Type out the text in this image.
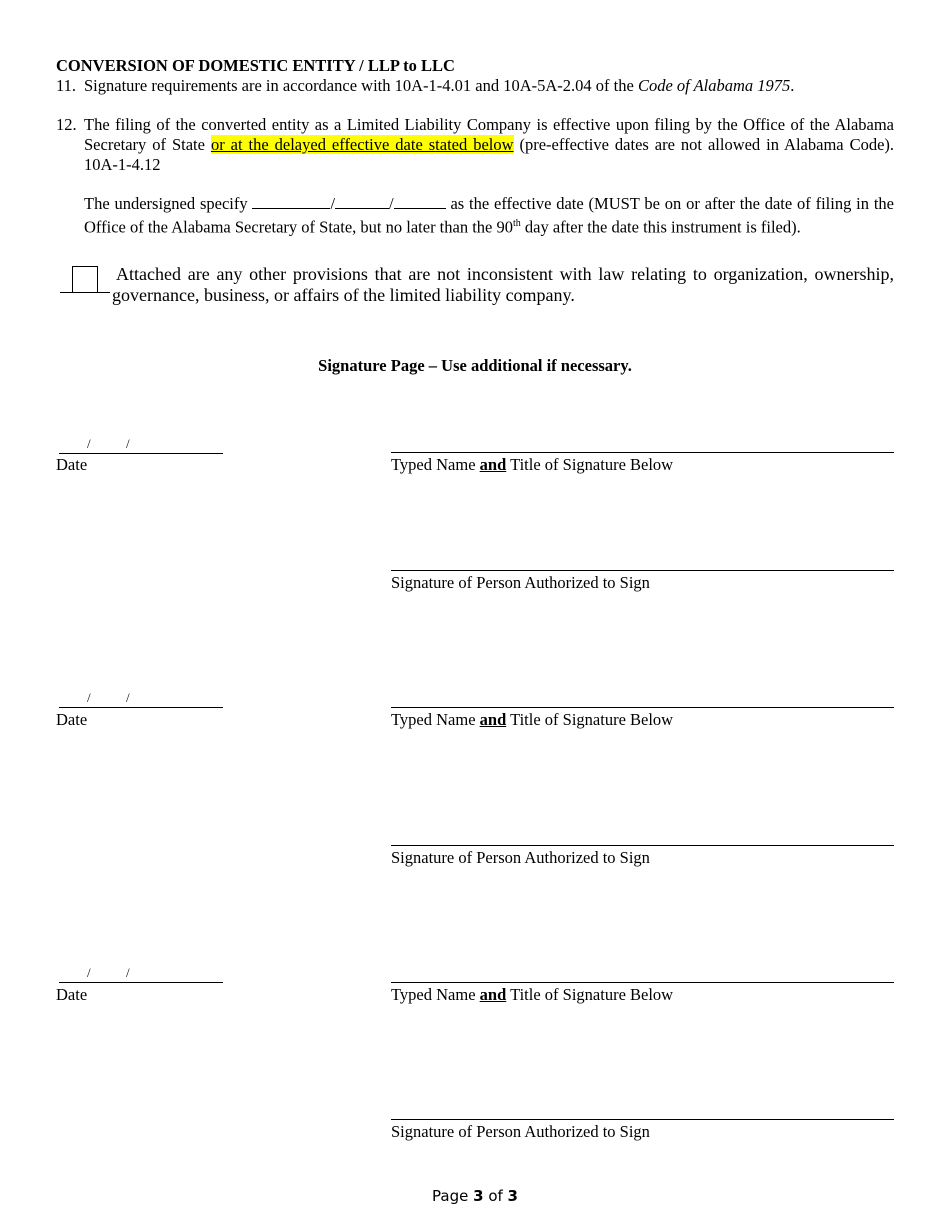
CONVERSION OF DOMESTIC ENTITY / LLP to LLC
11. Signature requirements are in accordance with 10A-1-4.01 and 10A-5A-2.04 of the Code of Alabama 1975.
12. The filing of the converted entity as a Limited Liability Company is effective upon filing by the Office of the Alabama Secretary of State or at the delayed effective date stated below (pre-effective dates are not allowed in Alabama Code). 10A-1-4.12
The undersigned specify	/	/	as the effective date (MUST be on or after the date of filing in the Office of the Alabama Secretary of State, but no later than the 90th day after the date this instrument is filed).
Attached are any other provisions that are not inconsistent with law relating to organization, ownership, governance, business, or affairs of the limited liability company.
Signature Page – Use additional if necessary.
/	/
Date	Typed Name and Title of Signature Below
Signature of Person Authorized to Sign
/	/
Date	Typed Name and Title of Signature Below
Signature of Person Authorized to Sign
/	/
Date	Typed Name and Title of Signature Below
Signature of Person Authorized to Sign
Page 3 of 3
